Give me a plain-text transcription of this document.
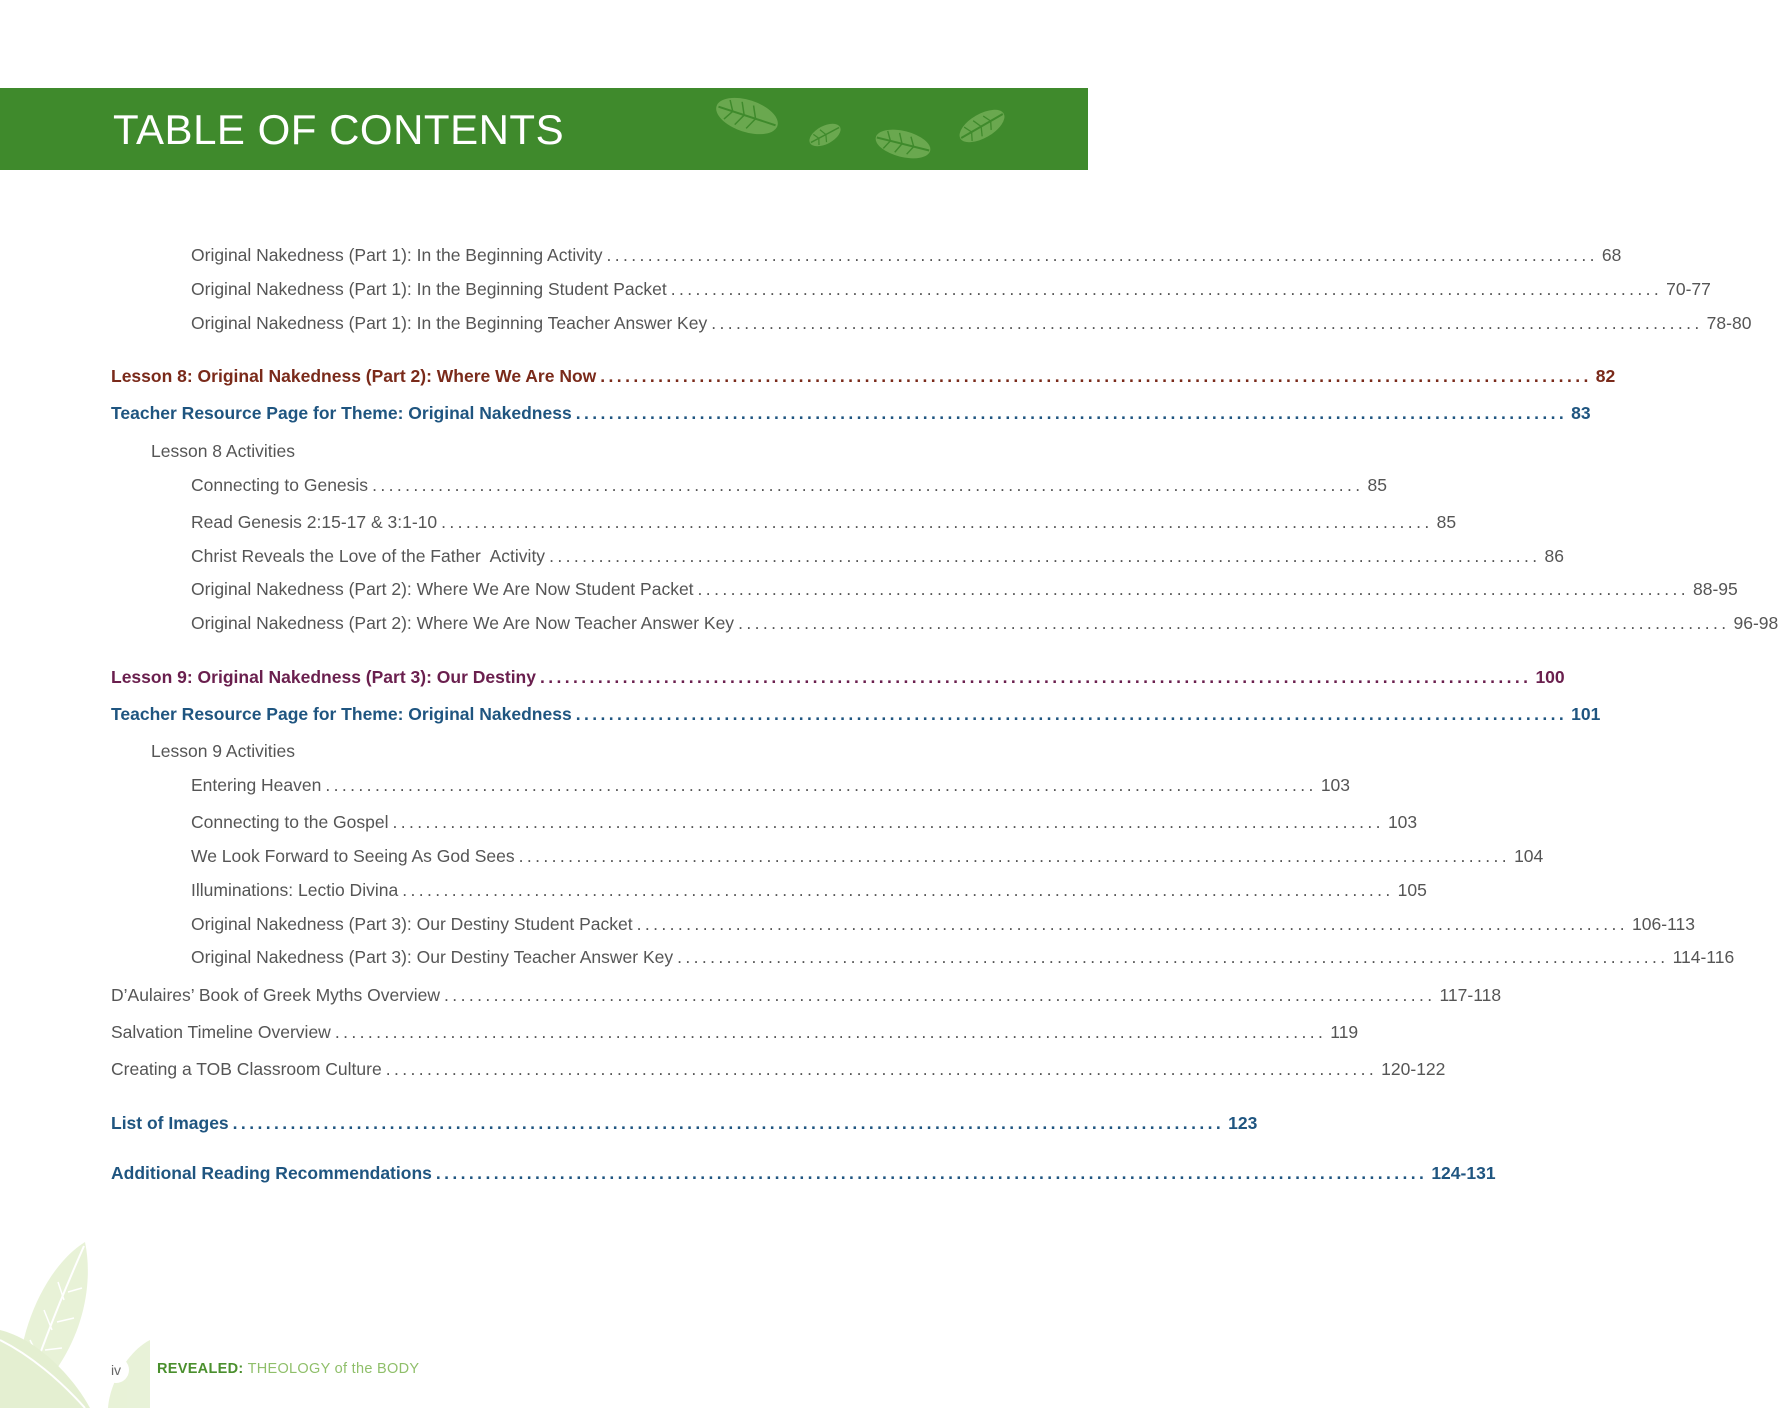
TABLE OF CONTENTS
Original Nakedness (Part 1): In the Beginning Activity ........................................................................................................................ 68
Original Nakedness (Part 1): In the Beginning Student Packet ........................................................................................................................ 70-77
Original Nakedness (Part 1): In the Beginning Teacher Answer Key ........................................................................................................................ 78-80
Lesson 8: Original Nakedness (Part 2): Where We Are Now ........................................................................................................................ 82
Teacher Resource Page for Theme: Original Nakedness ........................................................................................................................ 83
Lesson 8 Activities
Connecting to Genesis ........................................................................................................................ 85
Read Genesis 2:15-17 & 3:1-10 ........................................................................................................................ 85
Christ Reveals the Love of the Father  Activity ........................................................................................................................ 86
Original Nakedness (Part 2): Where We Are Now Student Packet ........................................................................................................................ 88-95
Original Nakedness (Part 2): Where We Are Now Teacher Answer Key ........................................................................................................................ 96-98
Lesson 9: Original Nakedness (Part 3): Our Destiny ........................................................................................................................ 100
Teacher Resource Page for Theme: Original Nakedness ........................................................................................................................ 101
Lesson 9 Activities
Entering Heaven ........................................................................................................................ 103
Connecting to the Gospel ........................................................................................................................ 103
We Look Forward to Seeing As God Sees ........................................................................................................................ 104
Illuminations: Lectio Divina ........................................................................................................................ 105
Original Nakedness (Part 3): Our Destiny Student Packet ........................................................................................................................ 106-113
Original Nakedness (Part 3): Our Destiny Teacher Answer Key ........................................................................................................................ 114-116
D’Aulaires’ Book of Greek Myths Overview ........................................................................................................................ 117-118
Salvation Timeline Overview ........................................................................................................................ 119
Creating a TOB Classroom Culture ........................................................................................................................ 120-122
List of Images ........................................................................................................................ 123
Additional Reading Recommendations ........................................................................................................................ 124-131
iv	REVEALED: THEOLOGY of the BODY
